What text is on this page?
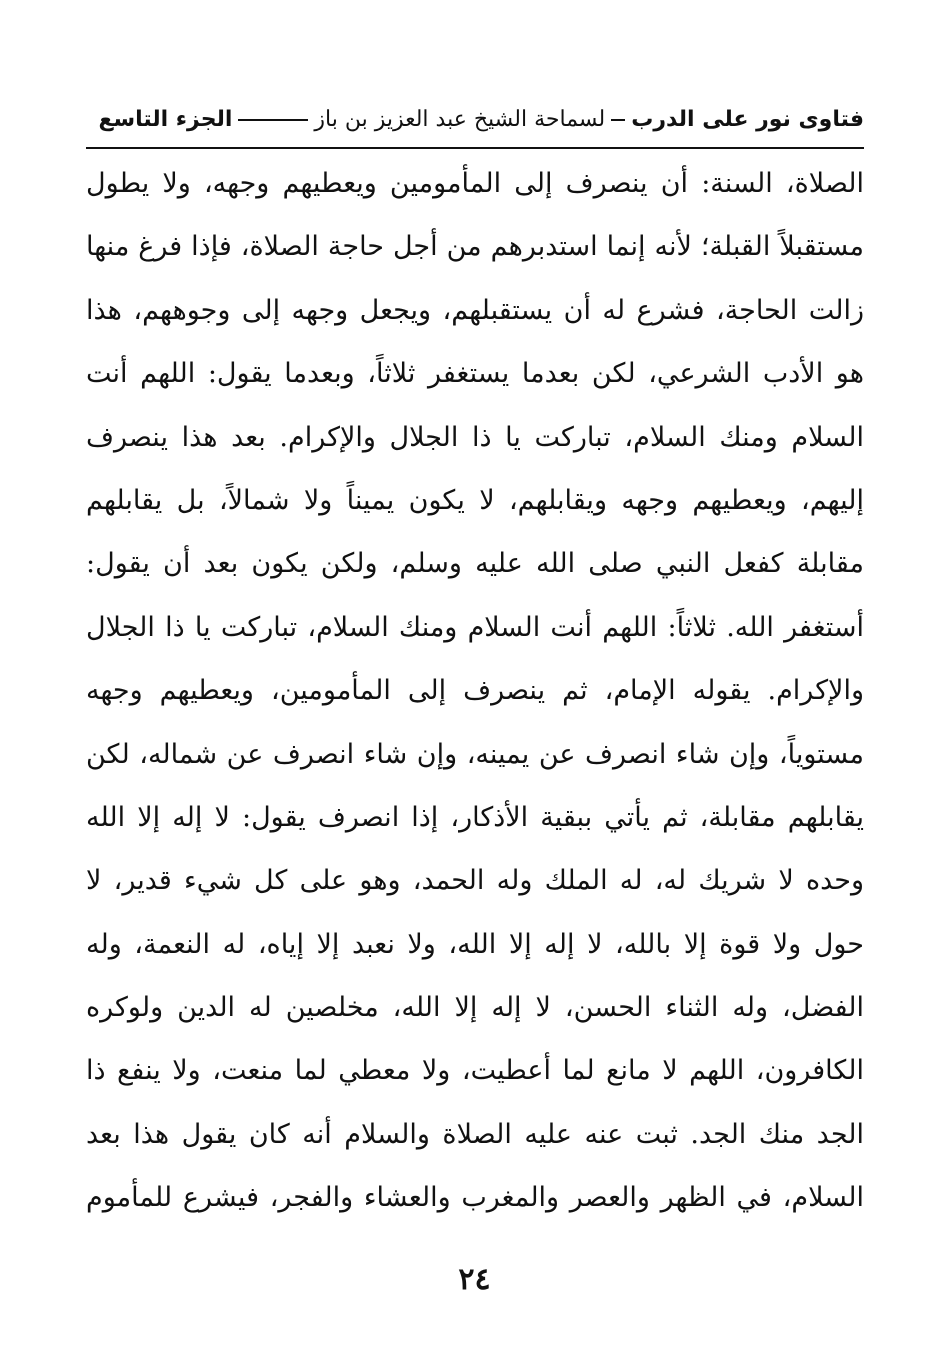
فتاوى نور على الدربلسماحة الشيخ عبد العزيز بن بازالجزء التاسع
الصلاة، السنة: أن ينصرف إلى المأمومين ويعطيهم وجهه، ولا يطول
مستقبلاً القبلة؛ لأنه إنما استدبرهم من أجل حاجة الصلاة، فإذا فرغ منها
زالت الحاجة، فشرع له أن يستقبلهم، ويجعل وجهه إلى وجوههم، هذا
هو الأدب الشرعي، لكن بعدما يستغفر ثلاثاً، وبعدما يقول: اللهم أنت
السلام ومنك السلام، تباركت يا ذا الجلال والإكرام. بعد هذا ينصرف
إليهم، ويعطيهم وجهه ويقابلهم، لا يكون يميناً ولا شمالاً، بل يقابلهم
مقابلة كفعل النبي صلى الله عليه وسلم، ولكن يكون بعد أن يقول:
أستغفر الله. ثلاثاً: اللهم أنت السلام ومنك السلام، تباركت يا ذا الجلال
والإكرام. يقوله الإمام، ثم ينصرف إلى المأمومين، ويعطيهم وجهه
مستوياً، وإن شاء انصرف عن يمينه، وإن شاء انصرف عن شماله، لكن
يقابلهم مقابلة، ثم يأتي ببقية الأذكار، إذا انصرف يقول: لا إله إلا الله
وحده لا شريك له، له الملك وله الحمد، وهو على كل شيء قدير، لا
حول ولا قوة إلا بالله، لا إله إلا الله، ولا نعبد إلا إياه، له النعمة، وله
الفضل، وله الثناء الحسن، لا إله إلا الله، مخلصين له الدين ولوكره
الكافرون، اللهم لا مانع لما أعطيت، ولا معطي لما منعت، ولا ينفع ذا
الجد منك الجد. ثبت عنه عليه الصلاة والسلام أنه كان يقول هذا بعد
السلام، في الظهر والعصر والمغرب والعشاء والفجر، فيشرع للمأموم
٢٤
